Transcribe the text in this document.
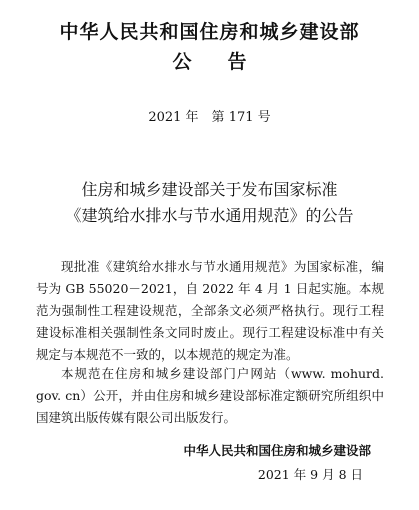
中华人民共和国住房和城乡建设部
公告
2021 年　第 171 号
住房和城乡建设部关于发布国家标准
《建筑给水排水与节水通用规范》的公告

现批准《建筑给水排水与节水通用规范》为国家标准，编号为 GB 55020－2021，自 2022 年 4 月 1 日起实施。本规范为强制性工程建设规范，全部条文必须严格执行。现行工程建设标准相关强制性条文同时废止。现行工程建设标准中有关规定与本规范不一致的，以本规范的规定为准。

本规范在住房和城乡建设部门户网站（www. mohurd. gov. cn）公开，并由住房和城乡建设部标准定额研究所组织中国建筑出版传媒有限公司出版发行。

中华人民共和国住房和城乡建设部
2021 年 9 月 8 日
